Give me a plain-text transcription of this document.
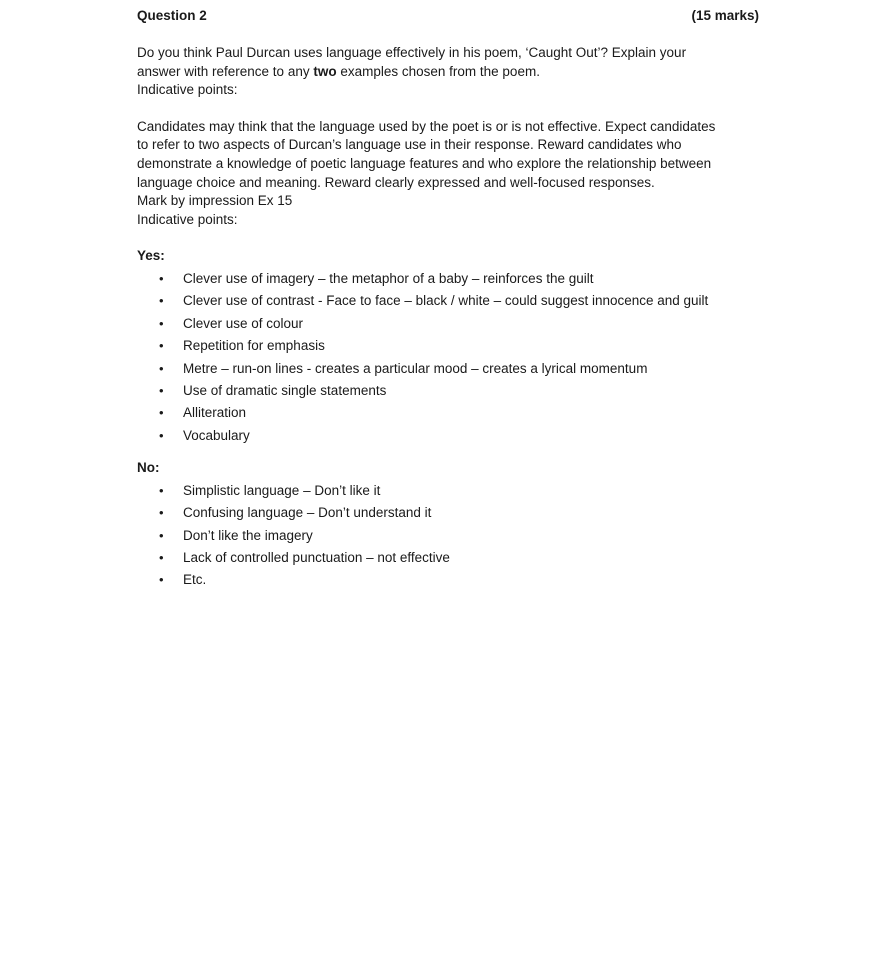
Question 2	(15 marks)
Do you think Paul Durcan uses language effectively in his poem, ‘Caught Out’? Explain your
answer with reference to any two examples chosen from the poem.
Indicative points:
Candidates may think that the language used by the poet is or is not effective. Expect candidates
to refer to two aspects of Durcan’s language use in their response. Reward candidates who
demonstrate a knowledge of poetic language features and who explore the relationship between
language choice and meaning. Reward clearly expressed and well-focused responses.
Mark by impression Ex 15
Indicative points:

Yes:

• Clever use of imagery – the metaphor of a baby – reinforces the guilt
• Clever use of contrast - Face to face – black / white – could suggest innocence and guilt
• Clever use of colour
• Repetition for emphasis
• Metre – run-on lines - creates a particular mood – creates a lyrical momentum
• Use of dramatic single statements
• Alliteration
• Vocabulary

No:

• Simplistic language – Don’t like it
• Confusing language – Don’t understand it
• Don’t like the imagery
• Lack of controlled punctuation – not effective
• Etc.
